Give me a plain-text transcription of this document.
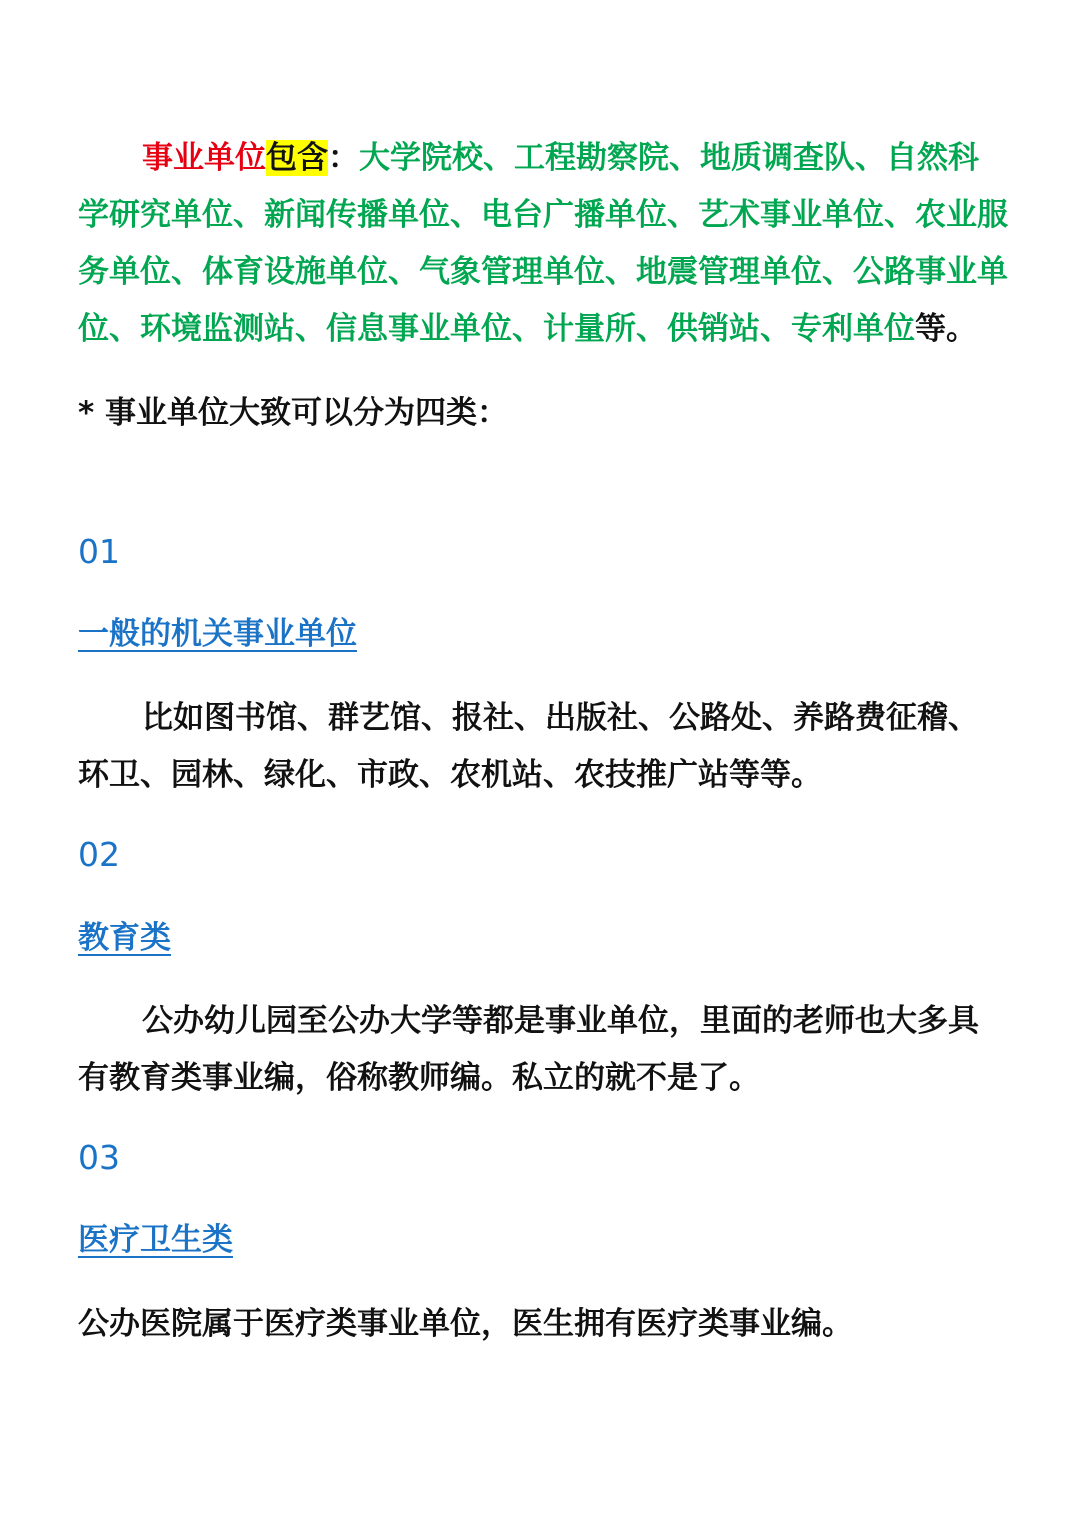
事业单位包含：大学院校、工程勘察院、地质调查队、自然科学研究单位、新闻传播单位、电台广播单位、艺术事业单位、农业服务单位、体育设施单位、气象管理单位、地震管理单位、公路事业单位、环境监测站、信息事业单位、计量所、供销站、专利单位等。

* 事业单位大致可以分为四类：
01
一般的机关事业单位

比如图书馆、群艺馆、报社、出版社、公路处、养路费征稽、环卫、园林、绿化、市政、农机站、农技推广站等等。

02
教育类

公办幼儿园至公办大学等都是事业单位，里面的老师也大多具有教育类事业编，俗称教师编。私立的就不是了。

03
医疗卫生类

公办医院属于医疗类事业单位，医生拥有医疗类事业编。
